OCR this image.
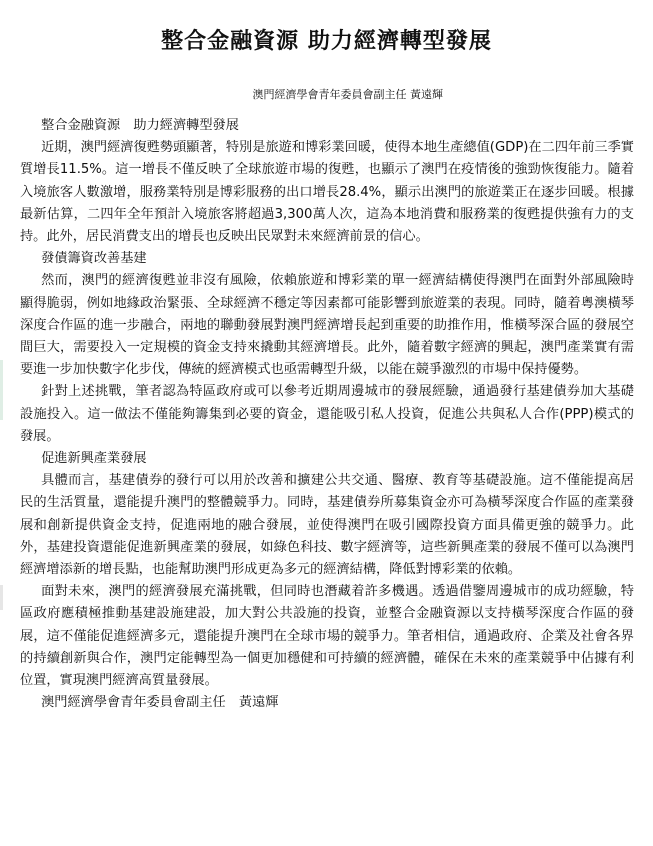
整合金融資源 助力經濟轉型發展
澳門經濟學會青年委員會副主任 黃遠輝
整合金融資源　助力經濟轉型發展

近期，澳門經濟復甦勢頭顯著，特別是旅遊和博彩業回暖，使得本地生產總值(GDP)在二四年前三季實質增長11.5%。這一增長不僅反映了全球旅遊市場的復甦，也顯示了澳門在疫情後的強勁恢復能力。隨着入境旅客人數激增，服務業特別是博彩服務的出口增長28.4%，顯示出澳門的旅遊業正在逐步回暖。根據最新估算，二四年全年預計入境旅客將超過3,300萬人次，這為本地消費和服務業的復甦提供強有力的支持。此外，居民消費支出的增長也反映出民眾對未來經濟前景的信心。

發債籌資改善基建

然而，澳門的經濟復甦並非沒有風險，依賴旅遊和博彩業的單一經濟結構使得澳門在面對外部風險時顯得脆弱，例如地緣政治緊張、全球經濟不穩定等因素都可能影響到旅遊業的表現。同時，隨着粵澳橫琴深度合作區的進一步融合，兩地的聯動發展對澳門經濟增長起到重要的助推作用，惟橫琴深合區的發展空間巨大，需要投入一定規模的資金支持來撬動其經濟增長。此外，隨着數字經濟的興起，澳門產業實有需要進一步加快數字化步伐，傳統的經濟模式也亟需轉型升級，以能在競爭激烈的市場中保持優勢。

針對上述挑戰，筆者認為特區政府或可以參考近期周邊城市的發展經驗，通過發行基建債券加大基礎設施投入。這一做法不僅能夠籌集到必要的資金，還能吸引私人投資，促進公共與私人合作(PPP)模式的發展。

促進新興產業發展

具體而言，基建債券的發行可以用於改善和擴建公共交通、醫療、教育等基礎設施。這不僅能提高居民的生活質量，還能提升澳門的整體競爭力。同時，基建債券所募集資金亦可為橫琴深度合作區的產業發展和創新提供資金支持，促進兩地的融合發展，並使得澳門在吸引國際投資方面具備更強的競爭力。此外，基建投資還能促進新興產業的發展，如綠色科技、數字經濟等，這些新興產業的發展不僅可以為澳門經濟增添新的增長點，也能幫助澳門形成更為多元的經濟結構，降低對博彩業的依賴。

面對未來，澳門的經濟發展充滿挑戰，但同時也潛藏着許多機遇。透過借鑒周邊城市的成功經驗，特區政府應積極推動基建設施建設，加大對公共設施的投資，並整合金融資源以支持橫琴深度合作區的發展，這不僅能促進經濟多元，還能提升澳門在全球市場的競爭力。筆者相信，通過政府、企業及社會各界的持續創新與合作，澳門定能轉型為一個更加穩健和可持續的經濟體，確保在未來的產業競爭中佔據有利位置，實現澳門經濟高質量發展。

澳門經濟學會青年委員會副主任　黃遠輝
